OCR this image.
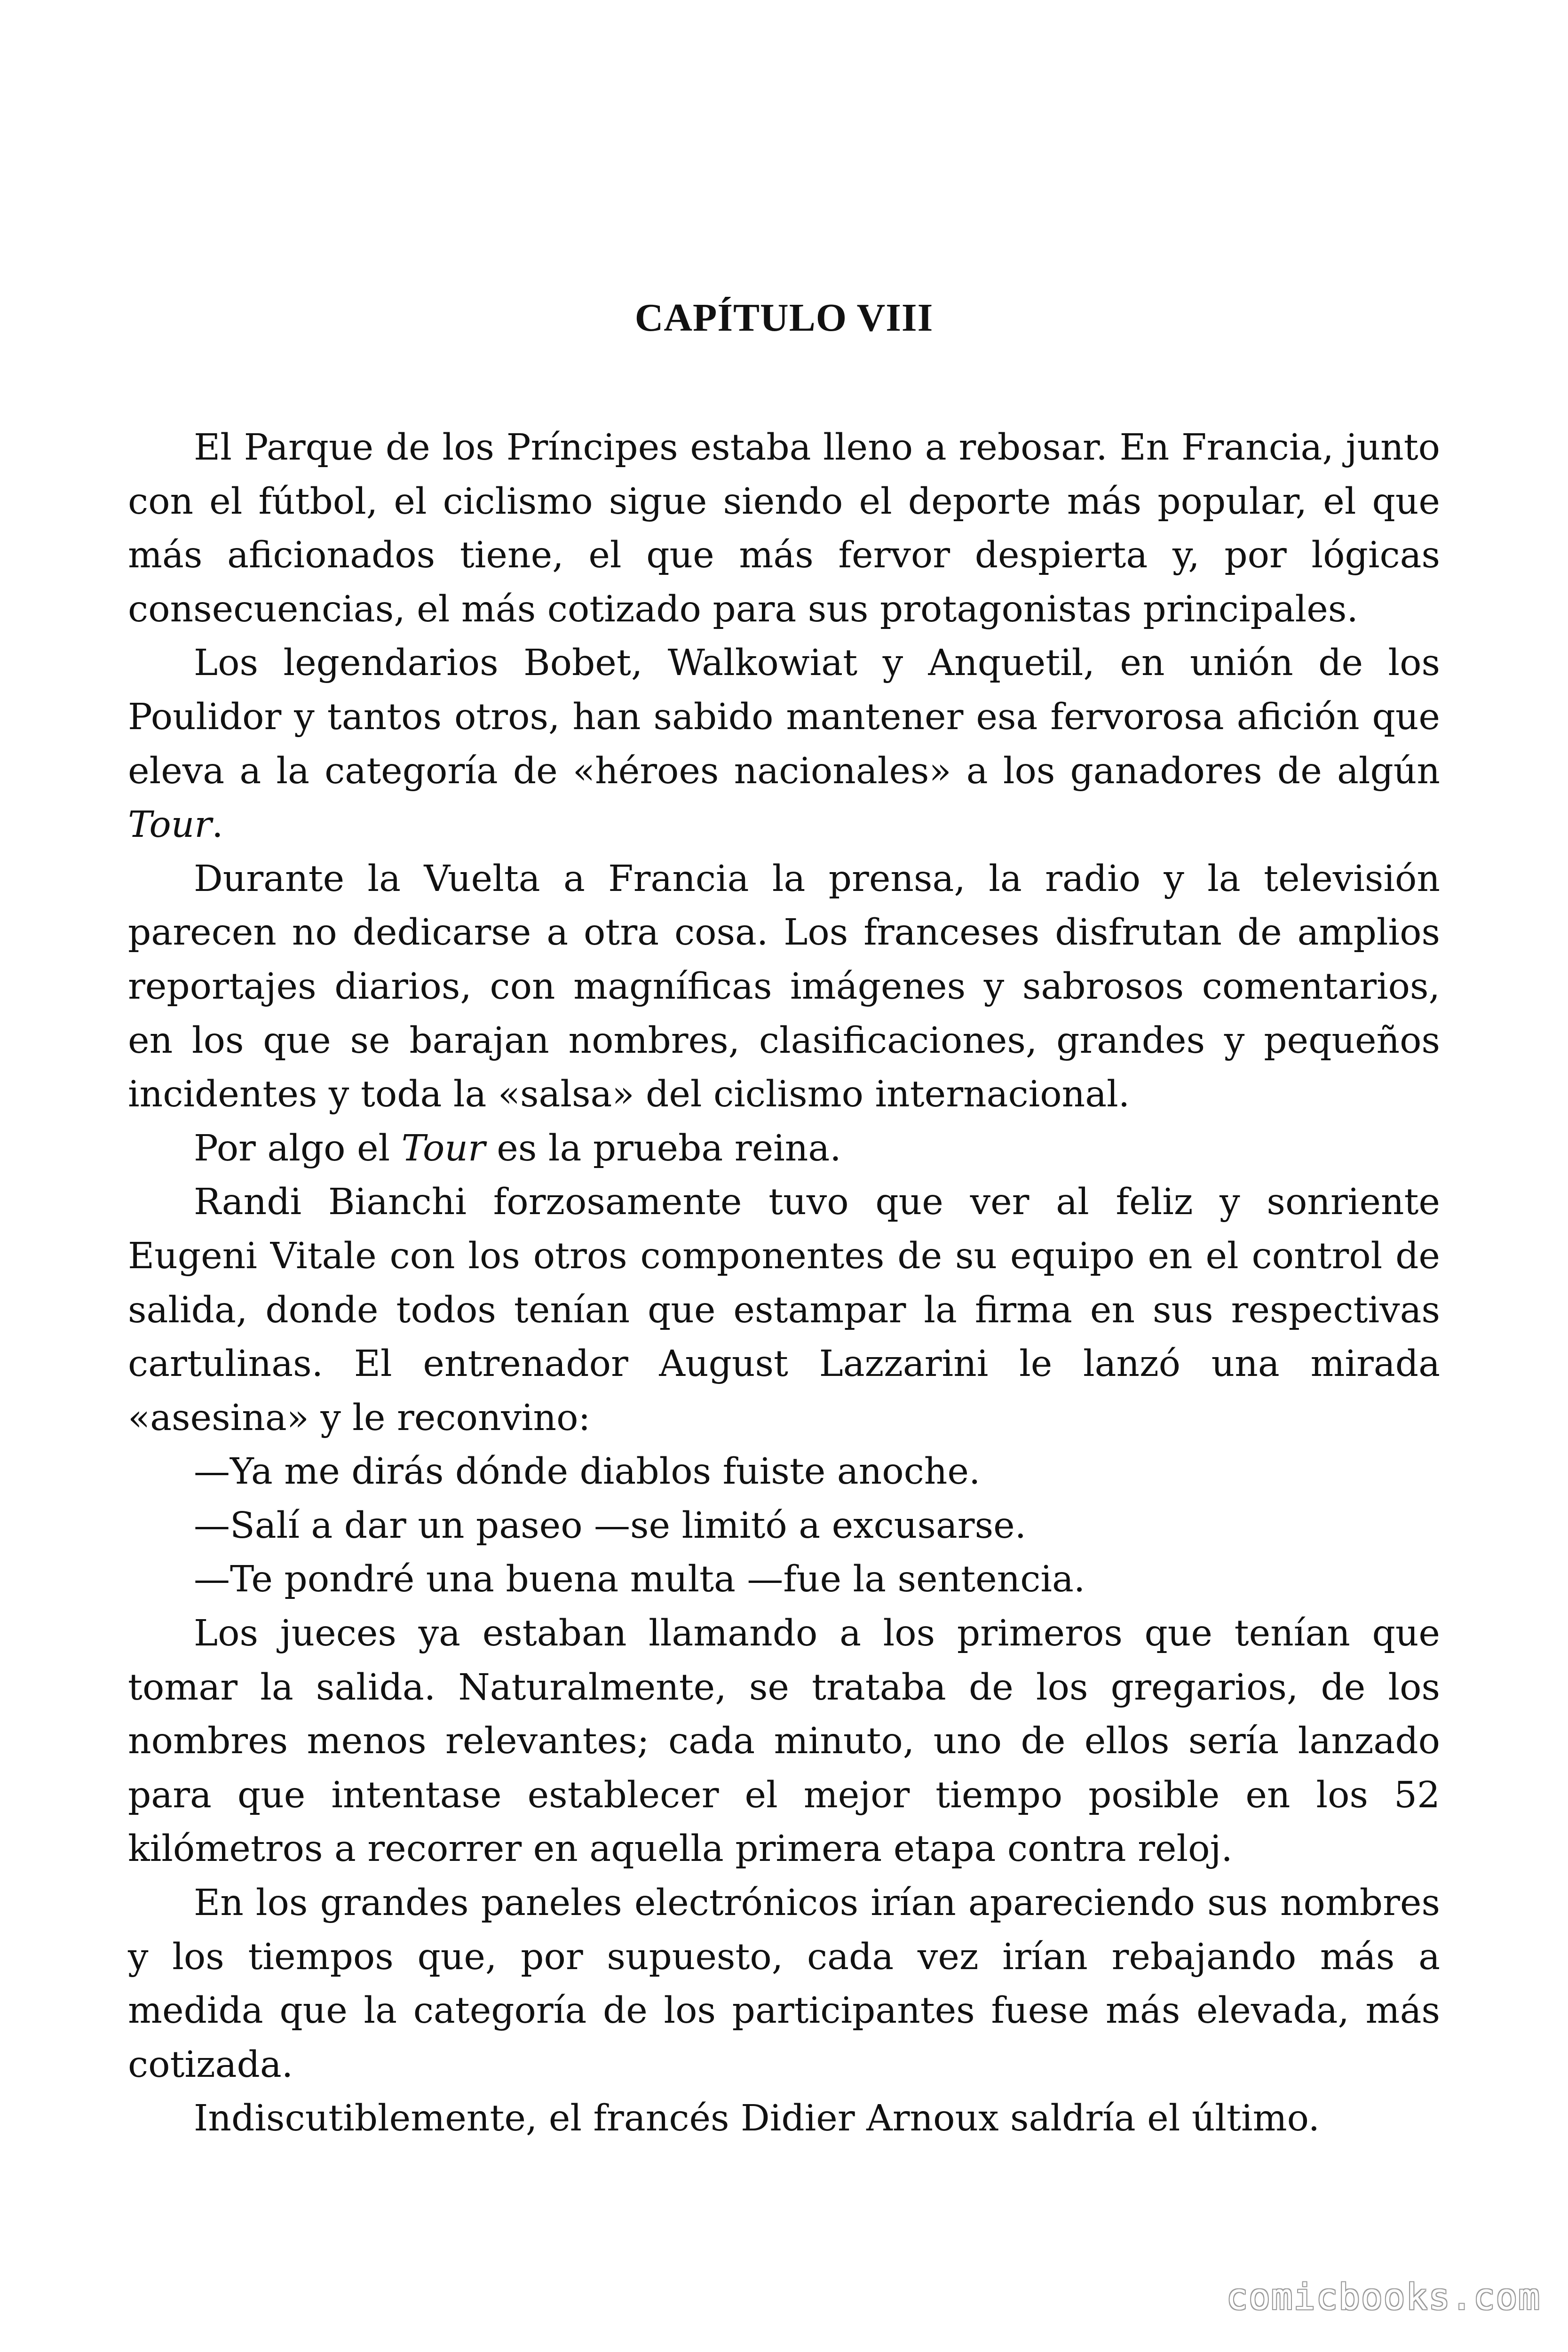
CAPÍTULO VIII

El Parque de los Príncipes estaba lleno a rebosar. En Francia, junto con el fútbol, el ciclismo sigue siendo el deporte más popular, el que más aficionados tiene, el que más fervor despierta y, por lógicas consecuencias, el más cotizado para sus protagonistas principales.

Los legendarios Bobet, Walkowiat y Anquetil, en unión de los Poulidor y tantos otros, han sabido mantener esa fervorosa afición que eleva a la categoría de «héroes nacionales» a los ganadores de algún Tour.

Durante la Vuelta a Francia la prensa, la radio y la televisión parecen no dedicarse a otra cosa. Los franceses disfrutan de amplios reportajes diarios, con magníficas imágenes y sabrosos comentarios, en los que se barajan nombres, clasificaciones, grandes y pequeños incidentes y toda la «salsa» del ciclismo internacional.

Por algo el Tour es la prueba reina.

Randi Bianchi forzosamente tuvo que ver al feliz y sonriente Eugeni Vitale con los otros componentes de su equipo en el control de salida, donde todos tenían que estampar la firma en sus respectivas cartulinas. El entrenador August Lazzarini le lanzó una mirada «asesina» y le reconvino:

—Ya me dirás dónde diablos fuiste anoche.

—Salí a dar un paseo —se limitó a excusarse.

—Te pondré una buena multa —fue la sentencia.

Los jueces ya estaban llamando a los primeros que tenían que tomar la salida. Naturalmente, se trataba de los gregarios, de los nombres menos relevantes; cada minuto, uno de ellos sería lanzado para que intentase establecer el mejor tiempo posible en los 52 kilómetros a recorrer en aquella primera etapa contra reloj.

En los grandes paneles electrónicos irían apareciendo sus nombres y los tiempos que, por supuesto, cada vez irían rebajando más a medida que la categoría de los participantes fuese más elevada, más cotizada.

Indiscutiblemente, el francés Didier Arnoux saldría el último.

comicbooks.com
